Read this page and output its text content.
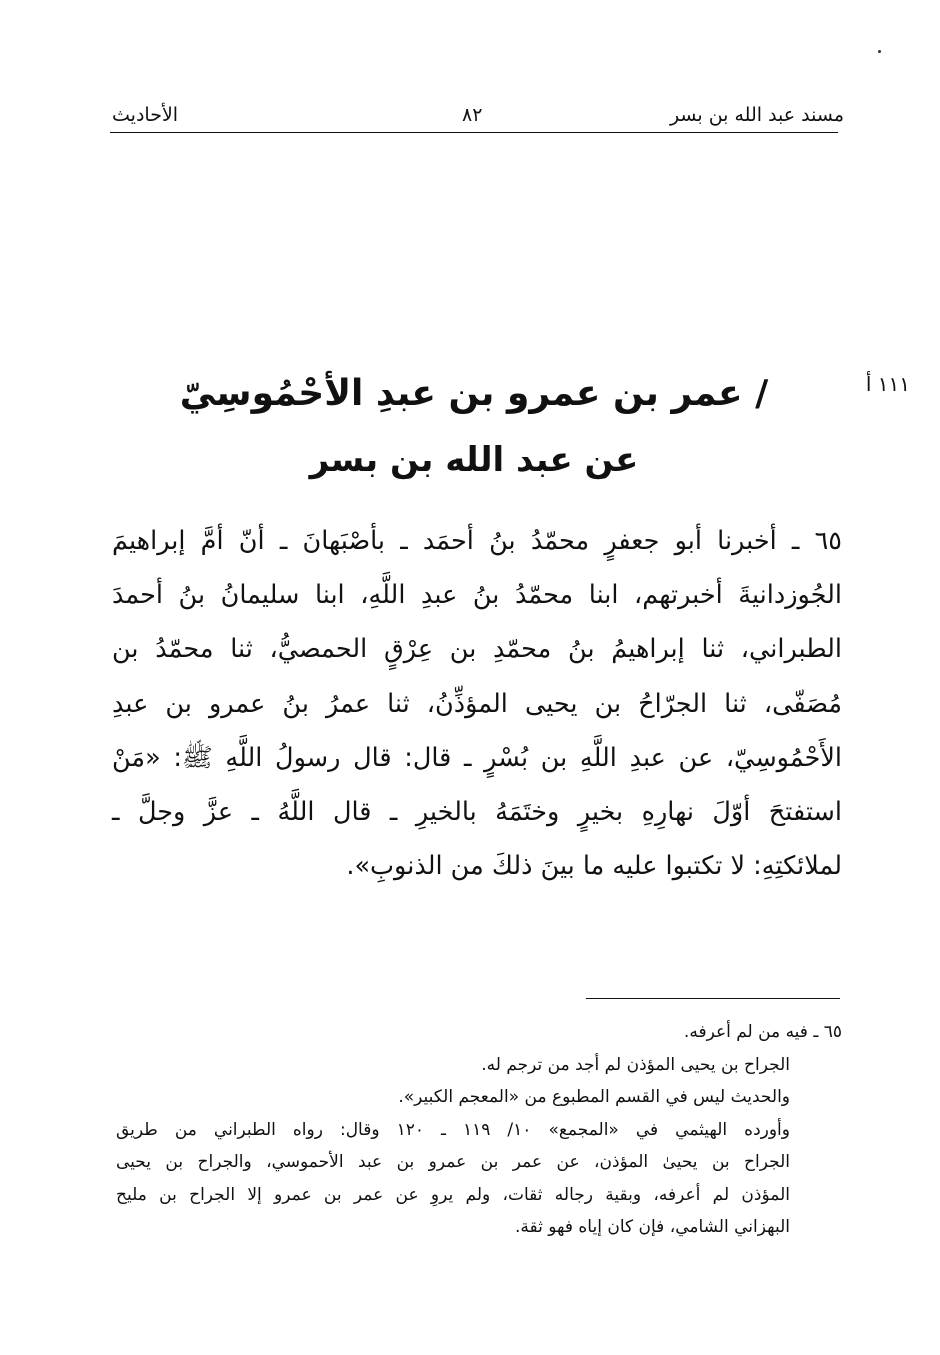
مسند عبد الله بن بسر
٨٢
الأحاديث
١١١ أ
/ عمر بن عمرو بن عبدِ الأحْمُوسِيّ
عن عبد الله بن بسر
٦٥ ـ أخبرنا أبو جعفرٍ محمّدُ بنُ أحمَد ـ بأصْبَهانَ ـ أنّ أمَّ إبراهيمَ
الجُوزدانيةَ أخبرتهم، ابنا محمّدُ بنُ عبدِ اللَّهِ، ابنا سليمانُ بنُ أحمدَ
الطبراني، ثنا إبراهيمُ بنُ محمّدِ بن عِرْقٍ الحمصيُّ، ثنا محمّدُ بن
مُصَفّى، ثنا الجرّاحُ بن يحيى المؤذِّنُ، ثنا عمرُ بنُ عمرو بن عبدِ
الأَحْمُوسِيّ، عن عبدِ اللَّهِ بن بُسْرٍ ـ قال: قال رسولُ اللَّهِ ﷺ: «مَنْ
استفتحَ أوّلَ نهارِهِ بخيرٍ وختَمَهُ بالخيرِ ـ قال اللَّهُ ـ عزَّ وجلَّ ـ
لملائكتِهِ: لا تكتبوا عليه ما بينَ ذلكَ من الذنوبِ».
٦٥ ـ فيه من لم أعرفه.
الجراح بن يحيى المؤذن لم أجد من ترجم له.
والحديث ليس في القسم المطبوع من «المعجم الكبير».
وأورده الهيثمي في «المجمع» ١٠/ ١١٩ ـ ١٢٠ وقال: رواه الطبراني من طريق
الجراح بن يحيىٰ المؤذن، عن عمر بن عمرو بن عبد الأحموسي، والجراح بن يحيى
المؤذن لم أعرفه، وبقية رجاله ثقات، ولم يروِ عن عمر بن عمرو إلا الجراح بن مليح
البهزاني الشامي، فإن كان إياه فهو ثقة.
